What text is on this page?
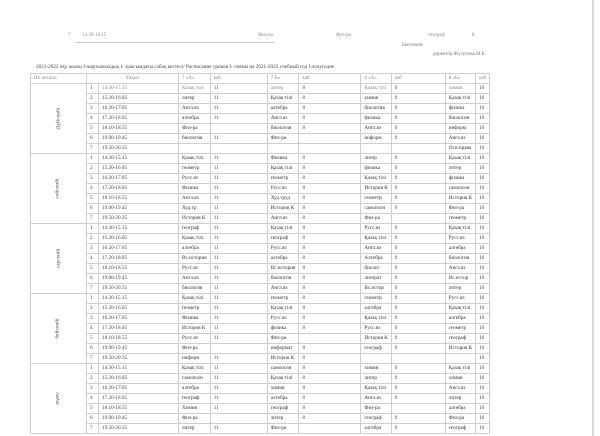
7 13.30-14.15	Физ-ра	Физ-ра	географ	8
Бекітемін
директор Жүзупова М.Б.
2021-2022 оқу жылы I-жартыжылдық I- ауысымдағы сабақ кестесі/ Расписание уроков I- смены на 2021-2022 учебный год I полугодие
Ш/ аптасы	Уақыт		7 «А»	каб	7-Б»	каб	8 «А»	каб	8 «Б»	каб
Дүйсенбі	1	14.30-15.15	Қазақ тілі	11	литер	8	Қазақ тілі	9	химия	10
	2	15.20-16.05	литер	11	Қазақ тілі	8	химия	9	Қазақ тілі	10
	3	16.20-17.05	Англ.яз	11	алгебра	8	биология	9	физика	10
	4	17.20-18.05	алгебра	11	Англ.яз	8	физика	9	биология	10
	5	18.10-18.55	Физ-ра		биология	8	Англ.яз	9	информ	10
	6	19.00-19.45	биология	11	Физ-ра		информ	9	Англ.яз	10
	7	19.50-20.35							Осн.права	10
сейсенбі	1	14.30-15.15	Қазақ тілі	11	Физика	8	литер	9	Қазақ тілі	10
	2	15.20-16.05	геометр	11	Қазақ тілі	8	физика	9	литер	10
	3	16.20-17.05	Русс.яз	11	геометр	8	Қазақ тілі	9	физика	10
	4	17.20-18.05	Физика	11	Русс.яз	8	История К	9	самопозн	10
	5	18.10-18.55	Англ.яз	11	Худ.труд	8	геометр	9	История К	10
	6	19.00-19.45	Худ.тр	11	История К	8	самопозн	9	Физ-ра	10
	7	19.50-20.35	История К	11	Англ.яз	8	Физ-ра		геометр	10
сәрсенбі	1	14.30-15.15	географ	11	Қазақ тілі	8	Русс.яз	9	Қазақ тілі	10
	2	15.20-16.05	Қазақ тілі	11	географ	8	Қазақ тілі	9	Русс.яз	10
	3	16.20-17.05	алгебра	11	Русс.яз	8	Англ.яз	9	алгебра	10
	4	17.20-18.05	Вс.история	11	алгебра	8	Алгебра	9	биология	10
	5	18.10-18.55	Русс.яз	11	Вс.история	8	биолог	9	Англ.яз	10
	6	19.00-19.45	Англ.яз	11	биология	8	литерат	9	Вс.истор	10
	7	19.50-20.35	биология	11	Англ.яз	8	Вс.истор	9	литер	10
бейсенбі	1	14.30-15.15	Қазақ тілі	11	геометр	8	геометр	9	Русс.яз	10
	2	15.20-16.05	геометр	11	Қазақ тілі	8	алгебра	9	Қазақ тілі	10
	3	16.20-17.05	Физика	11	Русс.яз	8	Қазақ тілі	9	алгебра	10
	4	17.20-18.05	История К	11	физика	8	Русс.яз	9	геометр	10
	5	18.10-18.55	Русс.яз	11	Физ-ра		История К	9	географ	10
	6	19.00-19.45	Физ-ра		информат	8	географ	9	История К	10
	7	19.50-20.35	информ	11	История К	8				10
жұма	1	14.30-15.15	Қазақ тілі	11	самопозн	8	химия	9	Қазақ тілі	10
	2	15.20-16.05	самопозн	11	Қазақ тілі	8	литер	9	химия	10
	3	16.20-17.05	алгебра	11	химия	8	Қазақ тілі	9	Англ.яз	10
	4	17.20-18.05	географ	11	алгебра	8	Англ.яз	9	литер	10
	5	18.10-18.55	Химия	11	географ	8	Физ-ра		алгебра	10
	6	19.00-19.45	Физ-ра		литер	8	географ	9	Физ-ра	10
	7	19.50-20.35	литер	11	Физ-ра		алгебра	9	географ	10
